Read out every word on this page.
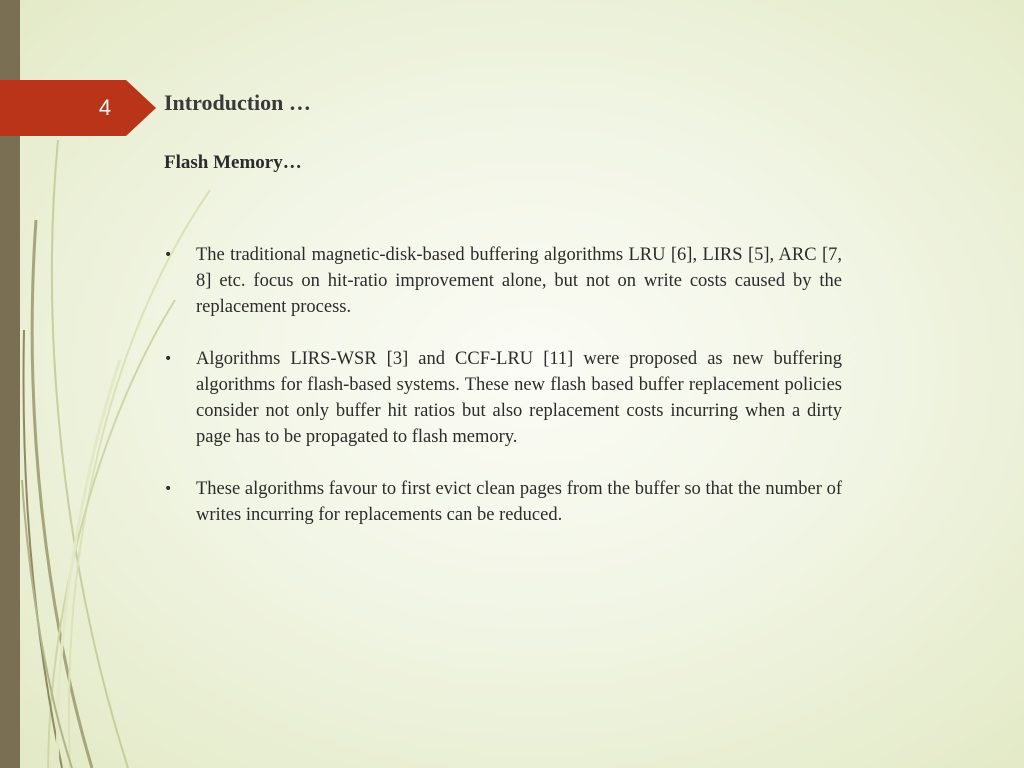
4	Introduction …
Flash Memory…
• The traditional magnetic-disk-based buffering algorithms LRU [6], LIRS [5], ARC [7, 8] etc. focus on hit-ratio improvement alone, but not on write costs caused by the replacement process.
• Algorithms LIRS-WSR [3] and CCF-LRU [11] were proposed as new buffering algorithms for flash-based systems. These new flash based buffer replacement policies consider not only buffer hit ratios but also replacement costs incurring when a dirty page has to be propagated to flash memory.
• These algorithms favour to first evict clean pages from the buffer so that the number of writes incurring for replacements can be reduced.
